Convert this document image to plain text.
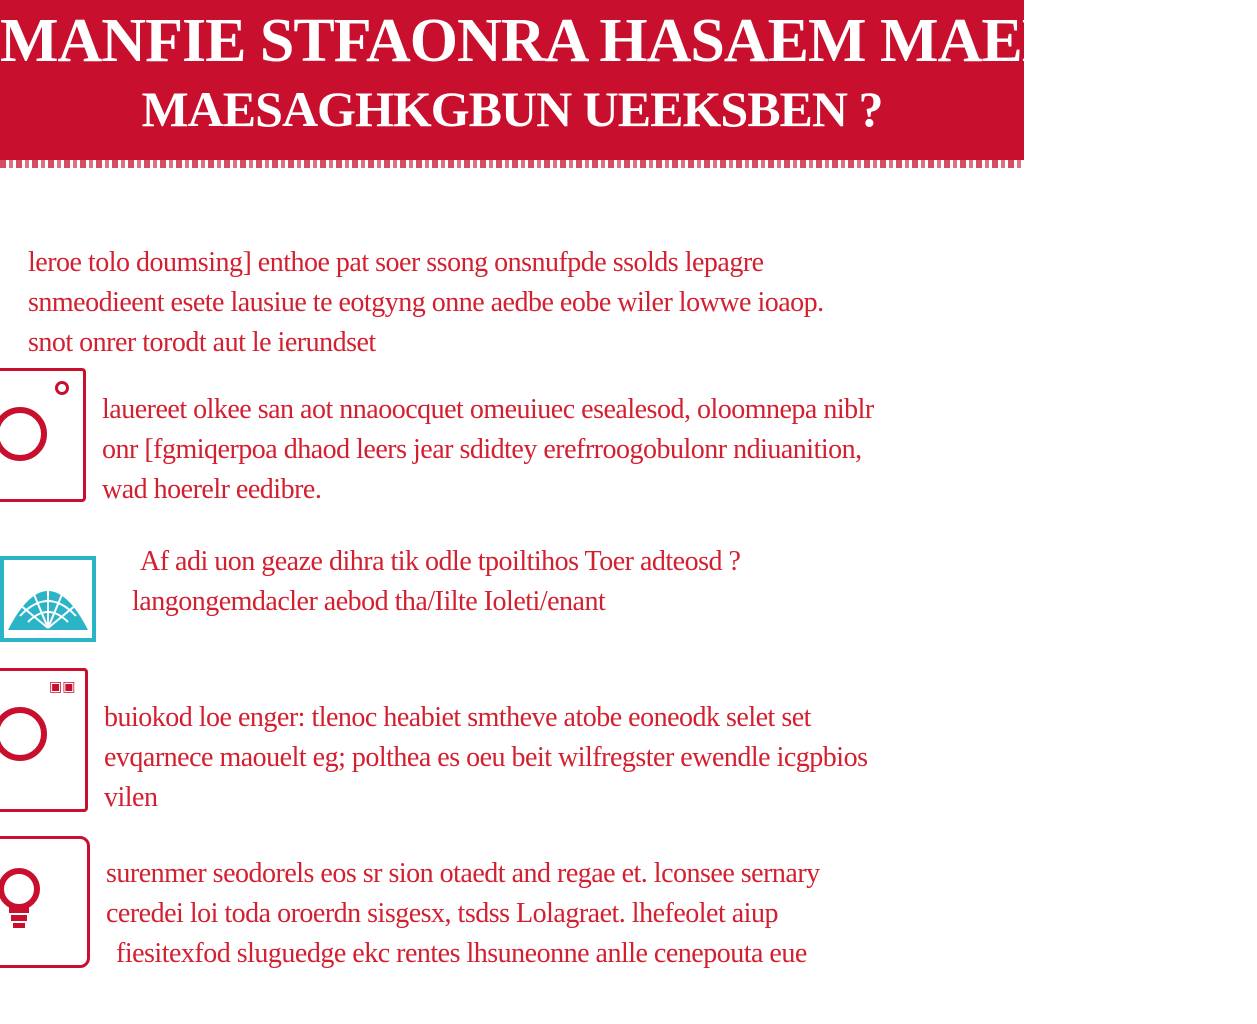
MANFIE STFAONRA HASAEM MAENBAIRE
MAESAGHKGBUN UEEKSBEN ?

leroe tolo doumsing] enthoe pat soer ssong onsnufpde ssolds lepagre

snmeodieent esete lausiue te eotgyng onne aedbe eobe wiler lowwe ioaop.

snot onrer torodt aut le ierundset

lauereet olkee san aot nnaoocquet omeuiuec esealesod, oloomnepa niblr

onr [fgmiqerpoa dhaod leers jear sdidtey erefrroogobulonr ndiuanition,

wad hoerelr eedibre.

Af adi uon geaze dihra tik odle tpoiltihos Toer adteosd ?

langongemdacler aebod tha/Iilte Ioleti/enant

▣▣

buiokod loe enger: tlenoc heabiet smtheve atobe eoneodk selet set

evqarnece maouelt eg; polthea es oeu beit wilfregster ewendle icgpbios

vilen

surenmer seodorels eos sr sion otaedt and regae et. lconsee sernary

ceredei loi toda oroerdn sisgesx, tsdss Lolagraet. lhefeolet aiup

fiesitexfod sluguedge ekc rentes lhsuneonne anlle cenepouta eue
